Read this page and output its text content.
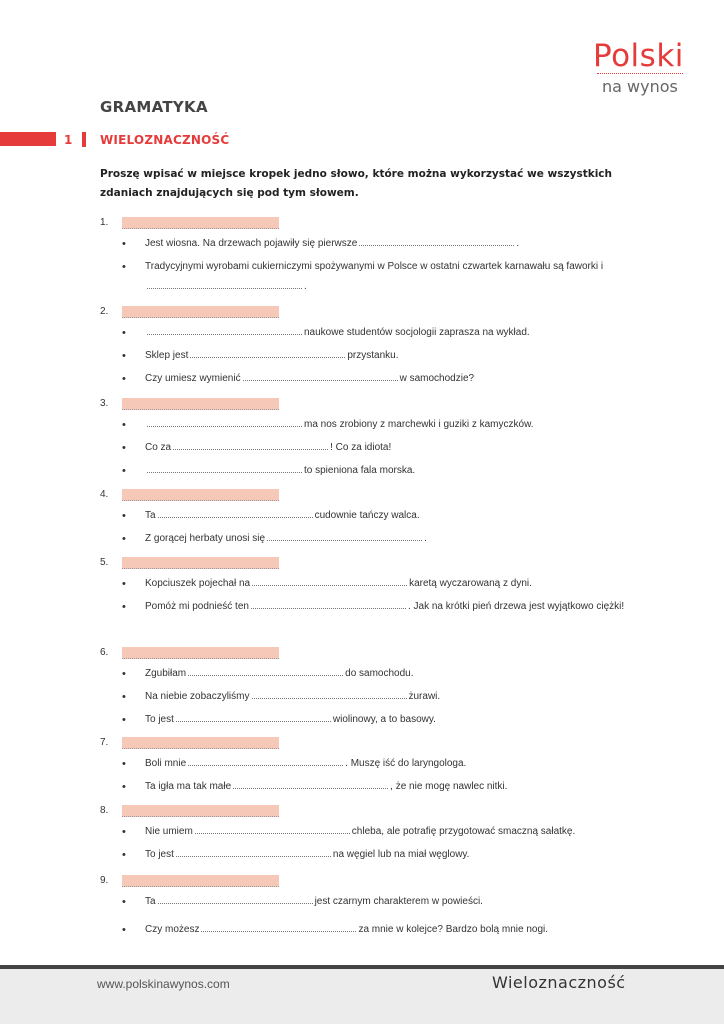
Polski
na wynos
GRAMATYKA
1 WIELOZNACZNOŚĆ
Proszę wpisać w miejsce kropek jedno słowo, które można wykorzystać we wszystkich zdaniach znajdujących się pod tym słowem.
1.
• Jest wiosna. Na drzewach pojawiły się pierwsze	.
• Tradycyjnymi wyrobami cukierniczymi spożywanymi w Polsce w ostatni czwartek karnawału są faworki i.
2.
•	naukowe studentów socjologii zaprasza na wykład.
• Sklep jest	przystanku.
• Czy umiesz wymienić	w samochodzie?
3.
•	ma nos zrobiony z marchewki i guziki z kamyczków.
• Co za	! Co za idiota!
•	to spieniona fala morska.
4.
• Ta	cudownie tańczy walca.
• Z gorącej herbaty unosi się	.
5.
• Kopciuszek pojechał na	karetą wyczarowaną z dyni.
• Pomóż mi podnieść ten	. Jak na krótki pień drzewa jest wyjątkowo ciężki!
6.
• Zgubiłam	do samochodu.
• Na niebie zobaczyliśmy	żurawi.
• To jest	wiolinowy, a to basowy.
7.
• Boli mnie	. Muszę iść do laryngologa.
• Ta igła ma tak małe	, że nie mogę nawlec nitki.
8.
• Nie umiem	chleba, ale potrafię przygotować smaczną sałatkę.
• To jest	na węgiel lub na miał węglowy.
9.
• Ta	jest czarnym charakterem w powieści.
• Czy możesz	za mnie w kolejce? Bardzo bolą mnie nogi.
www.polskinawynos.com	Wieloznaczność
